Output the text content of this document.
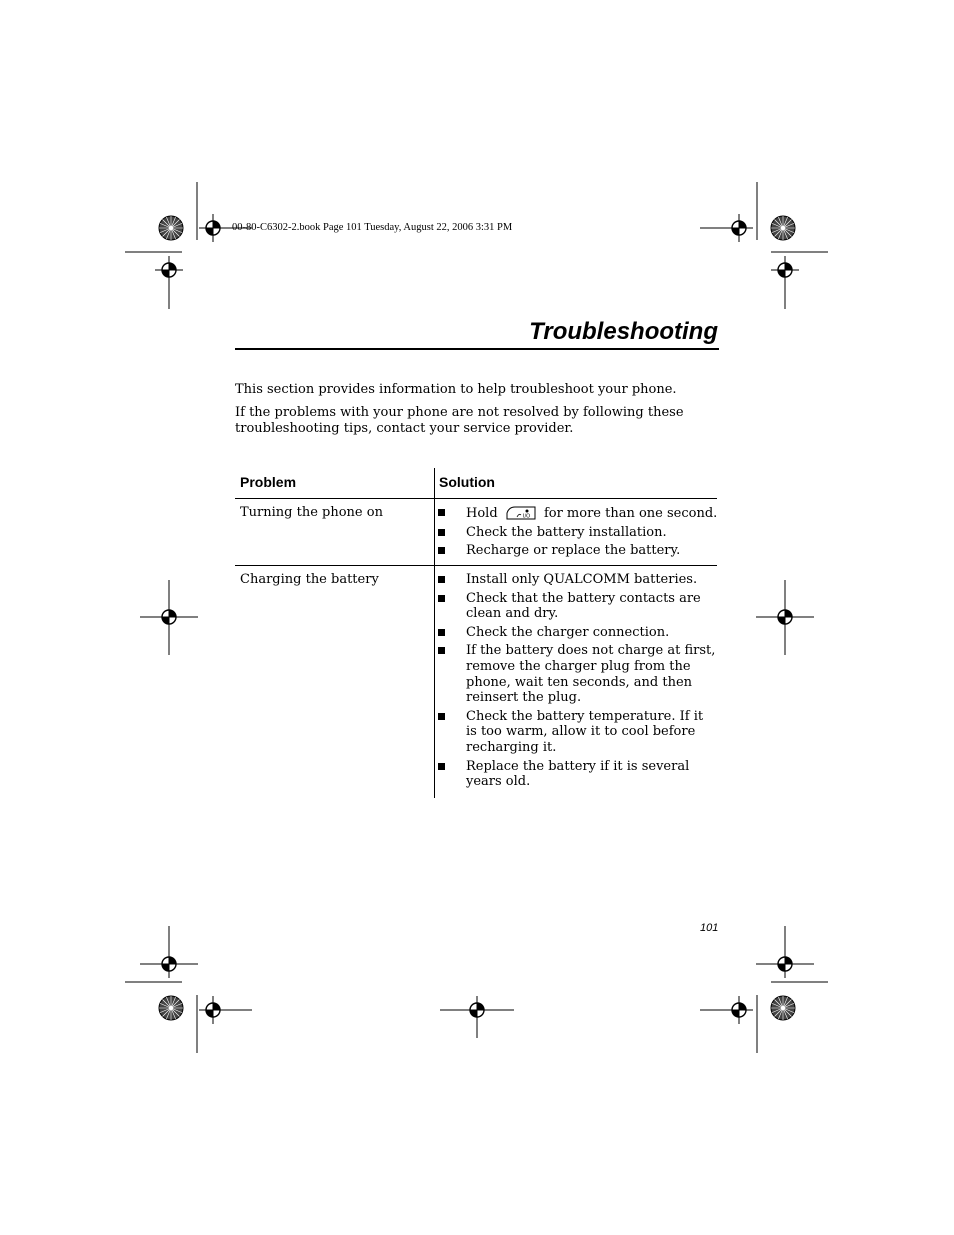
00-80-C6302-2.book Page 101 Tuesday, August 22, 2006 3:31 PM
Troubleshooting
This section provides information to help troubleshoot your phone.
If the problems with your phone are not resolved by following these troubleshooting tips, contact your service provider.
Problem	Solution
Turning the phone on	Hold	I/O for more than one second.
Check the battery installation.
Recharge or replace the battery.
Charging the battery	Install only QUALCOMM batteries.
Check that the battery contacts are clean and dry.
Check the charger connection.
If the battery does not charge at first, remove the charger plug from the phone, wait ten seconds, and then reinsert the plug.
Check the battery temperature. If it is too warm, allow it to cool before recharging it.
Replace the battery if it is several years old.
101
